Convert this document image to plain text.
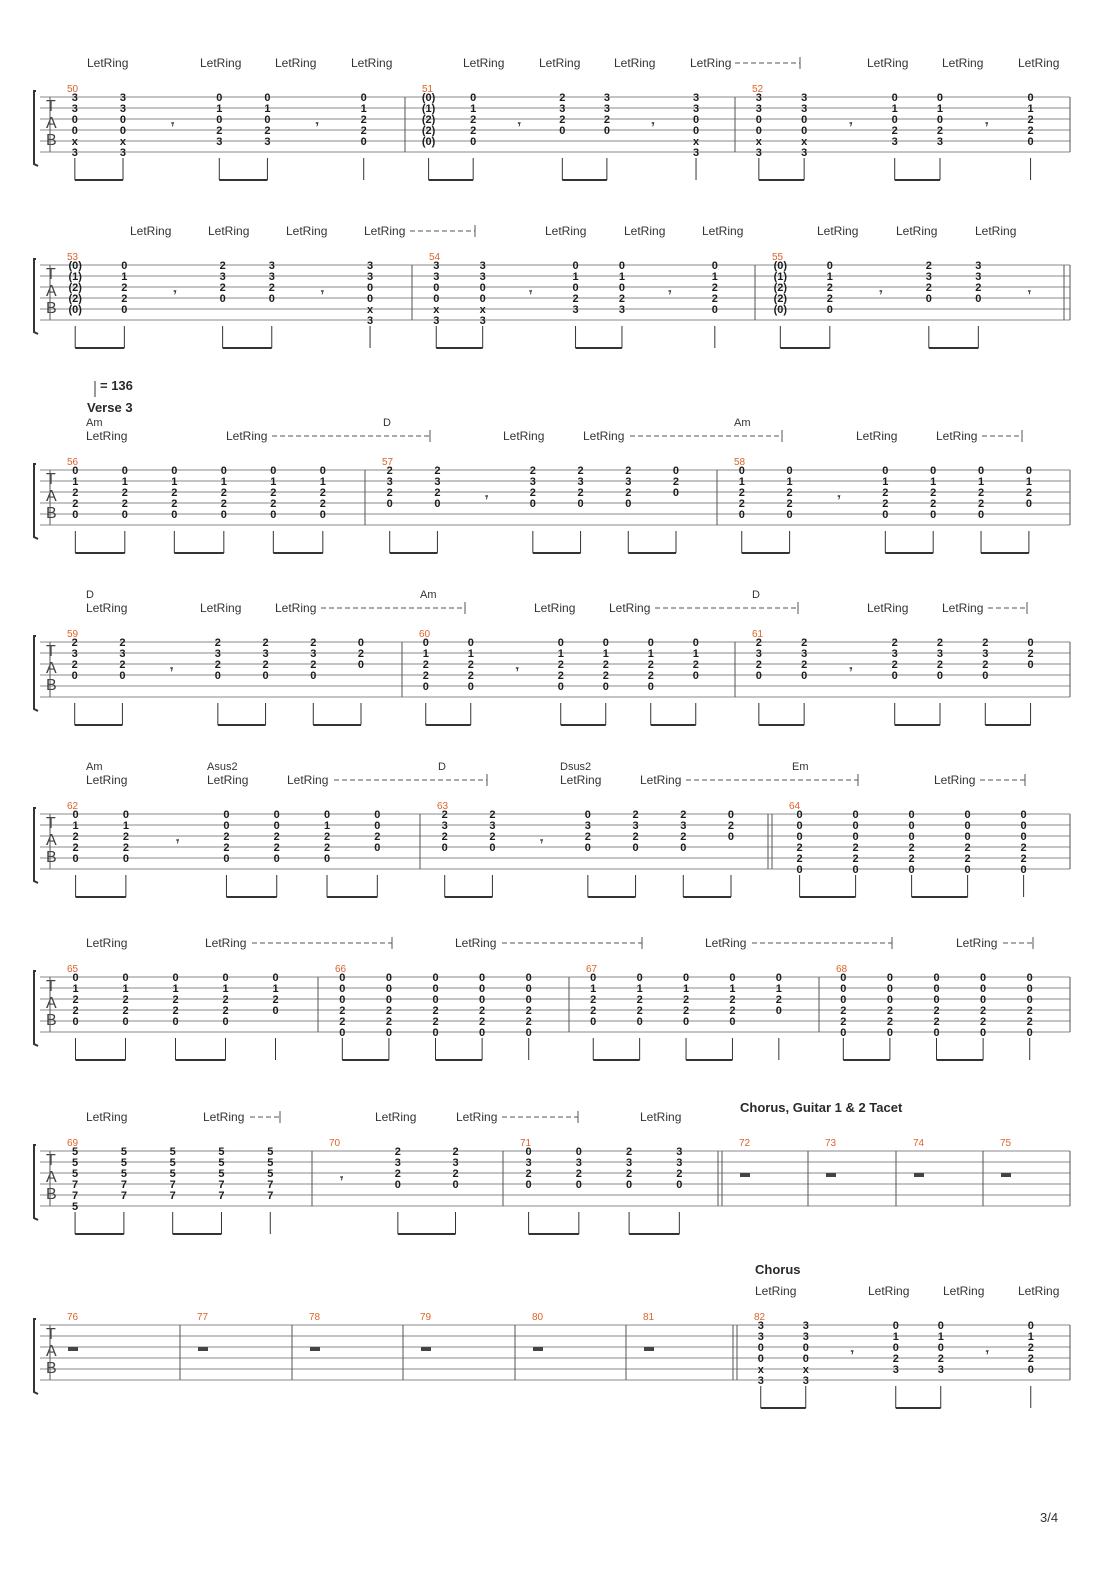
T
A
B
50
3
3
0
0
x
3
3
3
0
0
x
3
𝄾
0
1
0
2
3
0
1
0
2
3
𝄾
0
1
2
2
0
51
(0)
(1)
(2)
(2)
(0)
0
1
2
2
0
𝄾
2
3
2
0
3
3
2
0	𝄾
3
3
0
0
x
3
52
3
3
0
0
x
3
3
3
0
0
x
3
𝄾
0
1
0
2
3
0
1
0
2
3
𝄾
0
1
2
2
0
LetRing	LetRing	LetRing	LetRing	LetRing	LetRing	LetRing	LetRing	LetRing	LetRing	LetRing
T
A
B
53
(0)
(1)
(2)
(2)
(0)
0
1
2
2
0
𝄾
2
3
2
0
3
3
2
0	𝄾
3
3
0
0
x
3
54
3
3
0
0
x
3
3
3
0
0
x
3
𝄾
0
1
0
2
3
0
1
0
2
3
𝄾
0
1
2
2
0
55
(0)
(1)
(2)
(2)
(0)
0
1
2
2
0
𝄾
2
3
2
0
3
3
2
0	𝄾
LetRing	LetRing	LetRing	LetRing	LetRing	LetRing	LetRing	LetRing	LetRing	LetRing
T
A
B
56
0
1
2
2
0
0
1
2
2
0
0
1
2
2
0
0
1
2
2
0
0
1
2
2
0
0
1
2
2
0
57
2
3
2
0
2
3
2
0	𝄾
2
3
2
0
2
3
2
0
2
3
2
0
0
2
0
58
0
1
2
2
0
0
1
2
2
0
𝄾
0
1
2
2
0
0
1
2
2
0
0
1
2
2
0
0
1
2
0
Am	D	Am
LetRing	LetRing	LetRing	LetRing	LetRing	LetRing
Verse 3
= 136
T
A
B
59
2
3
2
0
2
3
2
0	𝄾
2
3
2
0
2
3
2
0
2
3
2
0
0
2
0
60
0
1
2
2
0
0
1
2
2
0
𝄾
0
1
2
2
0
0
1
2
2
0
0
1
2
2
0
0
1
2
0
61
2
3
2
0
2
3
2
0	𝄾
2
3
2
0
2
3
2
0
2
3
2
0
0
2
0
D	Am	D
LetRing	LetRing	LetRing	LetRing	LetRing	LetRing	LetRing
T
A
B
62
0
1
2
2
0
0
1
2
2
0
𝄾
0
0
2
2
0
0
0
2
2
0
0
1
2
2
0
0
0
2
0
63
2
3
2
0
2
3
2
0	𝄾
0
3
2
0
2
3
2
0
2
3
2
0
0
2
0
64
0
0
0
2
2
0
0
0
0
2
2
0
0
0
0
2
2
0
0
0
0
2
2
0
0
0
0
2
2
0
Am	Asus2	D	Dsus2	Em
LetRing	LetRing	LetRing	LetRing	LetRing	LetRing
T
A
B
65
0
1
2
2
0
0
1
2
2
0
0
1
2
2
0
0
1
2
2
0
0
1
2
0
66
0
0
0
2
2
0
0
0
0
2
2
0
0
0
0
2
2
0
0
0
0
2
2
0
0
0
0
2
2
0
67
0
1
2
2
0
0
1
2
2
0
0
1
2
2
0
0
1
2
2
0
0
1
2
0
68
0
0
0
2
2
0
0
0
0
2
2
0
0
0
0
2
2
0
0
0
0
2
2
0
0
0
0
2
2
0
LetRing	LetRing	LetRing	LetRing	LetRing
T
A
B
69
5
5
5
7
7
5
5
5
5
7
7
5
5
5
7
7
5
5
5
7
7
5
5
5
7
7
70
𝄾
2
3
2
0
2
3
2
0
71
0
3
2
0
0
3
2
0
2
3
2
0
3
3
2
0
72	73	74	75
LetRing	LetRing	LetRing	LetRing	LetRing
Chorus, Guitar 1 & 2 Tacet
T
A
B
76	77	78	79	80	81	82
3
3
0
0
x
3
3
3
0
0
x
3
𝄾
0
1
0
2
3
0
1
0
2
3
𝄾
0
1
2
2
0
LetRing	LetRing	LetRing	LetRing
Chorus
3/4
